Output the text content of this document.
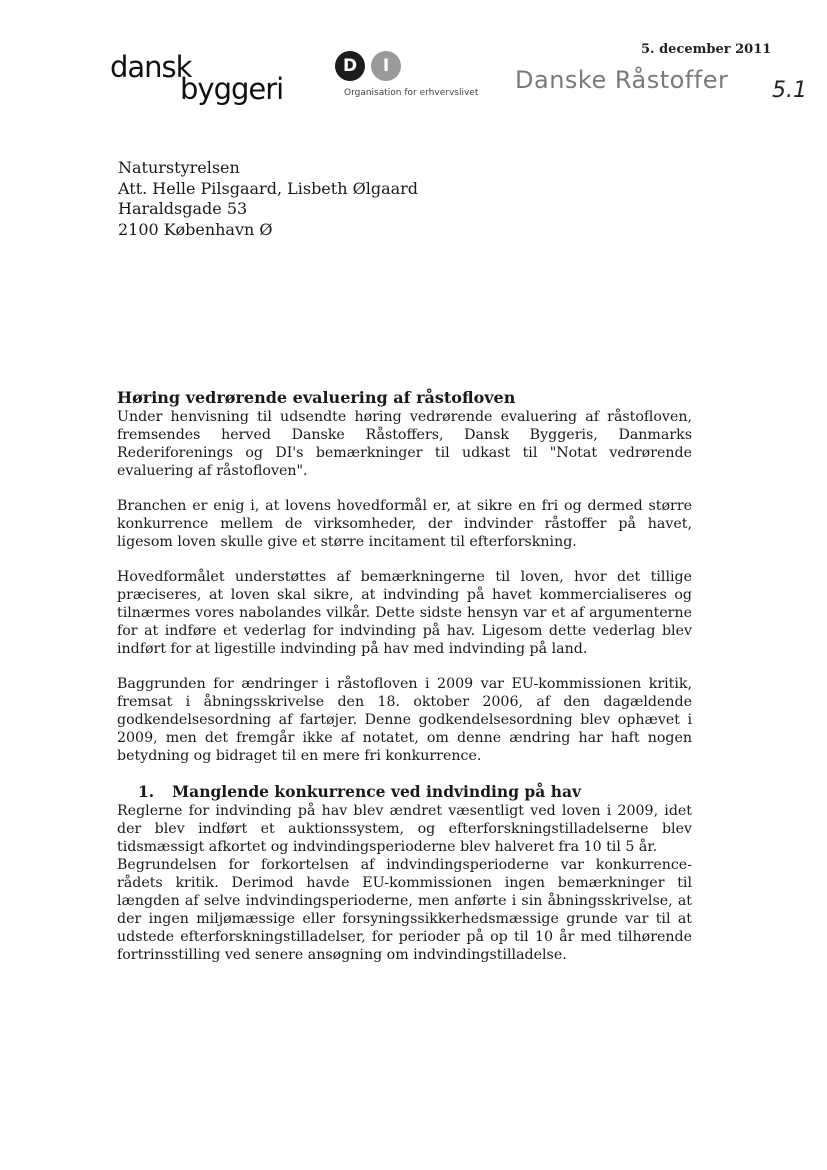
dansk
byggeri
D	I
Organisation for erhvervslivet Danske Råstoffer
5. december 2011
5.1
Naturstyrelsen
Att. Helle Pilsgaard, Lisbeth Ølgaard
Haraldsgade 53
2100 København Ø
Høring vedrørende evaluering af råstofloven

Under henvisning til udsendte høring vedrørende evaluering af råstofloven, fremsendes herved Danske Råstoffers, Dansk Byggeris, Danmarks Rederiforenings og DI's bemærkninger til udkast til "Notat vedrørende evaluering af råstofloven".

Branchen er enig i, at lovens hovedformål er, at sikre en fri og dermed større konkurrence mellem de virksomheder, der indvinder råstoffer på havet, ligesom loven skulle give et større incitament til efterforskning.

Hovedformålet understøttes af bemærkningerne til loven, hvor det tillige præciseres, at loven skal sikre, at indvinding på havet kommercialiseres og tilnærmes vores nabolandes vilkår. Dette sidste hensyn var et af argumenterne for at indføre et vederlag for indvinding på hav. Ligesom dette vederlag blev indført for at ligestille indvinding på hav med indvinding på land.

Baggrunden for ændringer i råstofloven i 2009 var EU-kommissionen kritik, fremsat i åbningsskrivelse den 18. oktober 2006, af den dagældende godkendelsesordning af fartøjer. Denne godkendelsesordning blev ophævet i 2009, men det fremgår ikke af notatet, om denne ændring har haft nogen betydning og bidraget til en mere fri konkurrence.

1. Manglende konkurrence ved indvinding på hav

Reglerne for indvinding på hav blev ændret væsentligt ved loven i 2009, idet der blev indført et auktionssystem, og efterforskningstilladelserne blev tidsmæssigt afkortet og indvindingsperioderne blev halveret fra 10 til 5 år.

Begrundelsen for forkortelsen af indvindingsperioderne var konkurrence-rådets kritik. Derimod havde EU-kommissionen ingen bemærkninger til længden af selve indvindingsperioderne, men anførte i sin åbningsskrivelse, at der ingen miljømæssige eller forsyningssikkerhedsmæssige grunde var til at udstede efterforskningstilladelser, for perioder på op til 10 år med tilhørende fortrinsstilling ved senere ansøgning om indvindingstilladelse.
